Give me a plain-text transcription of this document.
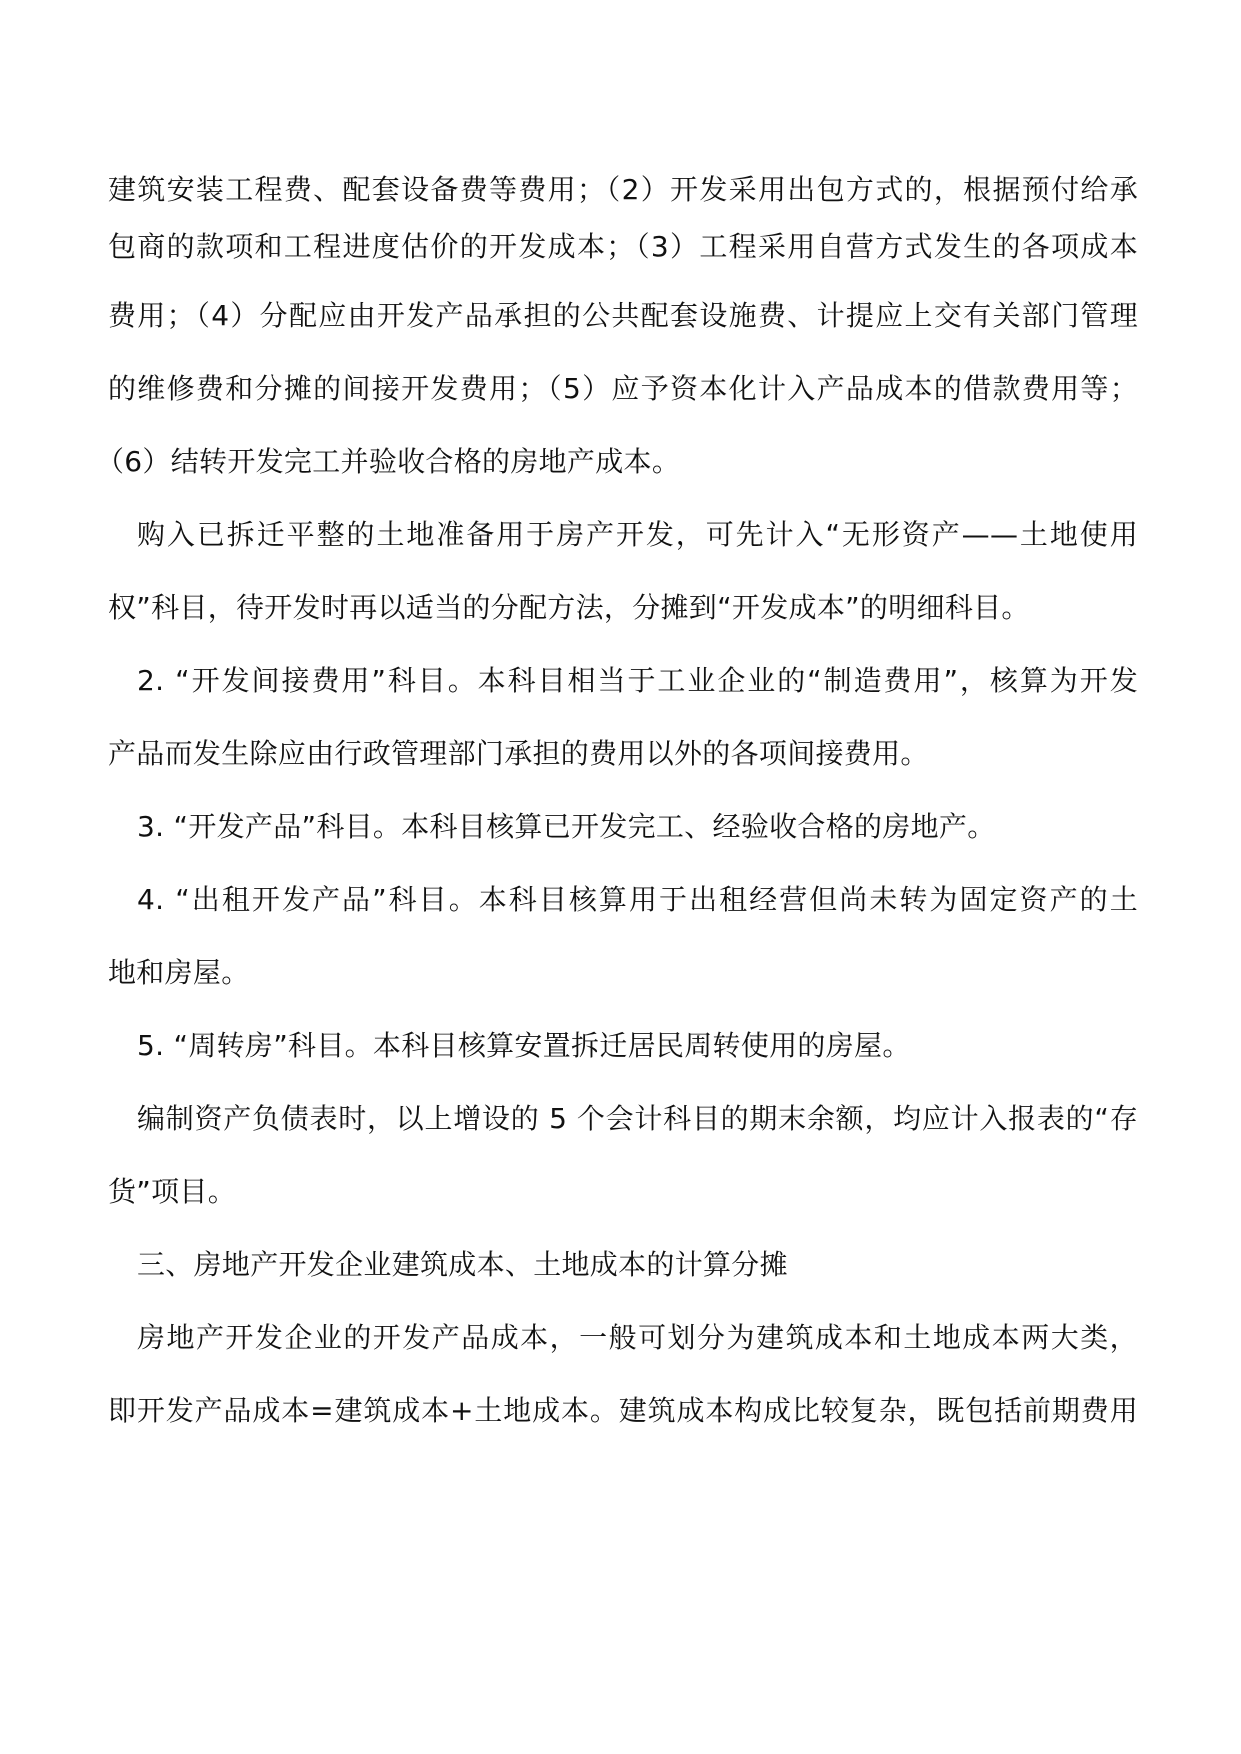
建筑安装工程费、配套设备费等费用；（2）开发采用出包方式的，根据预付给承
包商的款项和工程进度估价的开发成本；（3）工程采用自营方式发生的各项成本
费用；（4）分配应由开发产品承担的公共配套设施费、计提应上交有关部门管理
的维修费和分摊的间接开发费用；（5）应予资本化计入产品成本的借款费用等；
（6）结转开发完工并验收合格的房地产成本。
购入已拆迁平整的土地准备用于房产开发，可先计入“无形资产——土地使用
权”科目，待开发时再以适当的分配方法，分摊到“开发成本”的明细科目。
2. “开发间接费用”科目。本科目相当于工业企业的“制造费用”，核算为开发
产品而发生除应由行政管理部门承担的费用以外的各项间接费用。
3. “开发产品”科目。本科目核算已开发完工、经验收合格的房地产。
4. “出租开发产品”科目。本科目核算用于出租经营但尚未转为固定资产的土
地和房屋。
5. “周转房”科目。本科目核算安置拆迁居民周转使用的房屋。
编制资产负债表时，以上增设的 5 个会计科目的期末余额，均应计入报表的“存
货”项目。
三、房地产开发企业建筑成本、土地成本的计算分摊
房地产开发企业的开发产品成本，一般可划分为建筑成本和土地成本两大类，
即开发产品成本=建筑成本+土地成本。建筑成本构成比较复杂，既包括前期费用
